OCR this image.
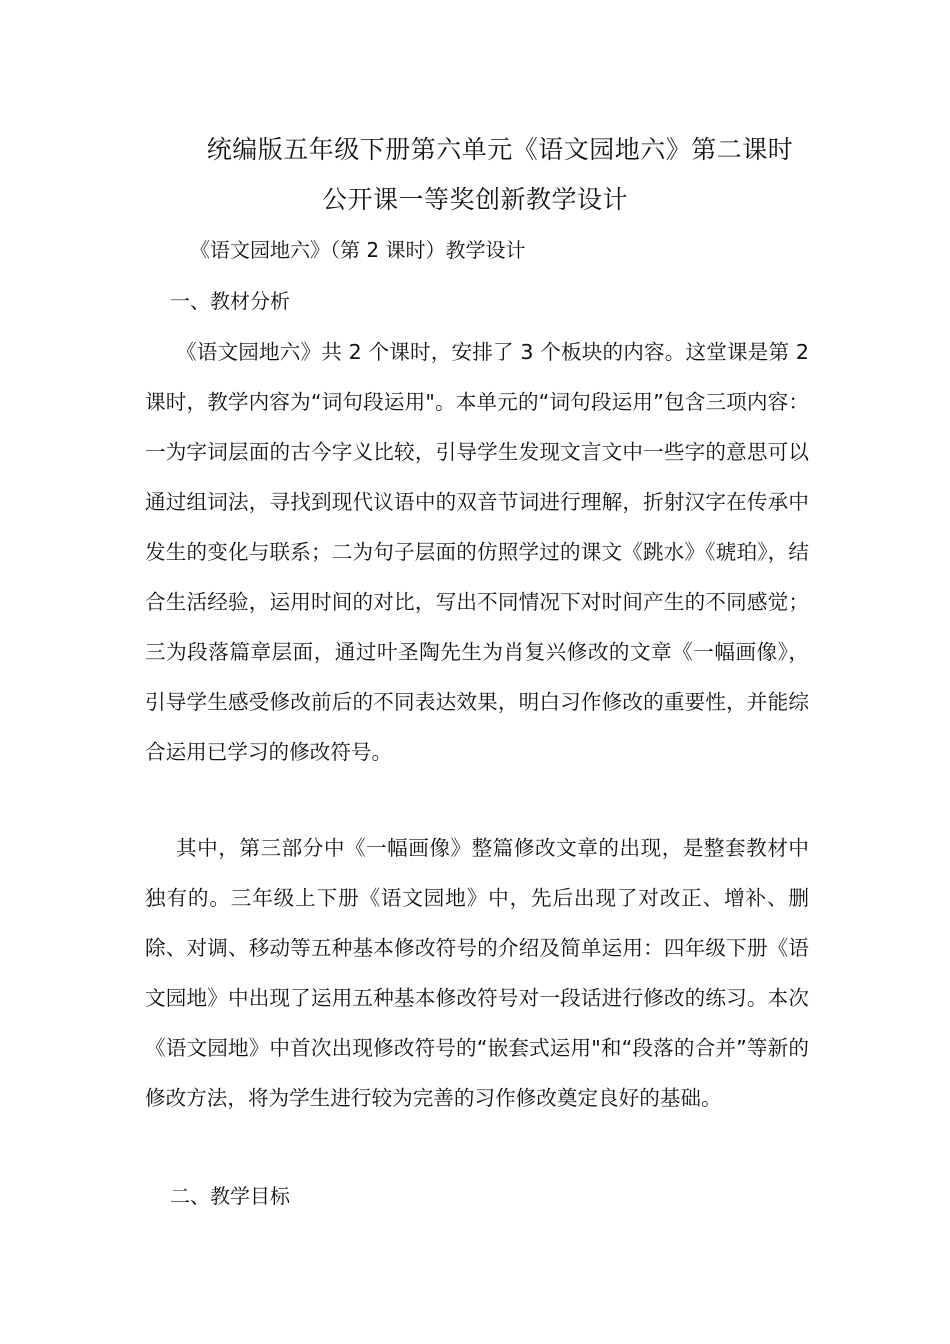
统编版五年级下册第六单元《语文园地六》第二课时
公开课一等奖创新教学设计
《语文园地六》（第 2 课时）教学设计
一、教材分析

《语文园地六》共 2 个课时，安排了 3 个板块的内容。这堂课是第 2 课时，教学内容为“词句段运用"。本单元的“词句段运用”包含三项内容：一为字词层面的古今字义比较，引导学生发现文言文中一些字的意思可以通过组词法，寻找到现代议语中的双音节词进行理解，折射汉字在传承中发生的变化与联系；二为句子层面的仿照学过的课文《跳水》《琥珀》，结合生活经验，运用时间的对比，写出不同情况下对时间产生的不同感觉；三为段落篇章层面，通过叶圣陶先生为肖复兴修改的文章《一幅画像》，引导学生感受修改前后的不同表达效果，明白习作修改的重要性，并能综合运用已学习的修改符号。

其中，第三部分中《一幅画像》整篇修改文章的出现，是整套教材中独有的。三年级上下册《语文园地》中，先后出现了对改正、增补、删除、对调、移动等五种基本修改符号的介绍及简单运用：四年级下册《语文园地》中出现了运用五种基本修改符号对一段话进行修改的练习。本次《语文园地》中首次出现修改符号的“嵌套式运用"和“段落的合并”等新的修改方法，将为学生进行较为完善的习作修改奠定良好的基础。

二、教学目标
